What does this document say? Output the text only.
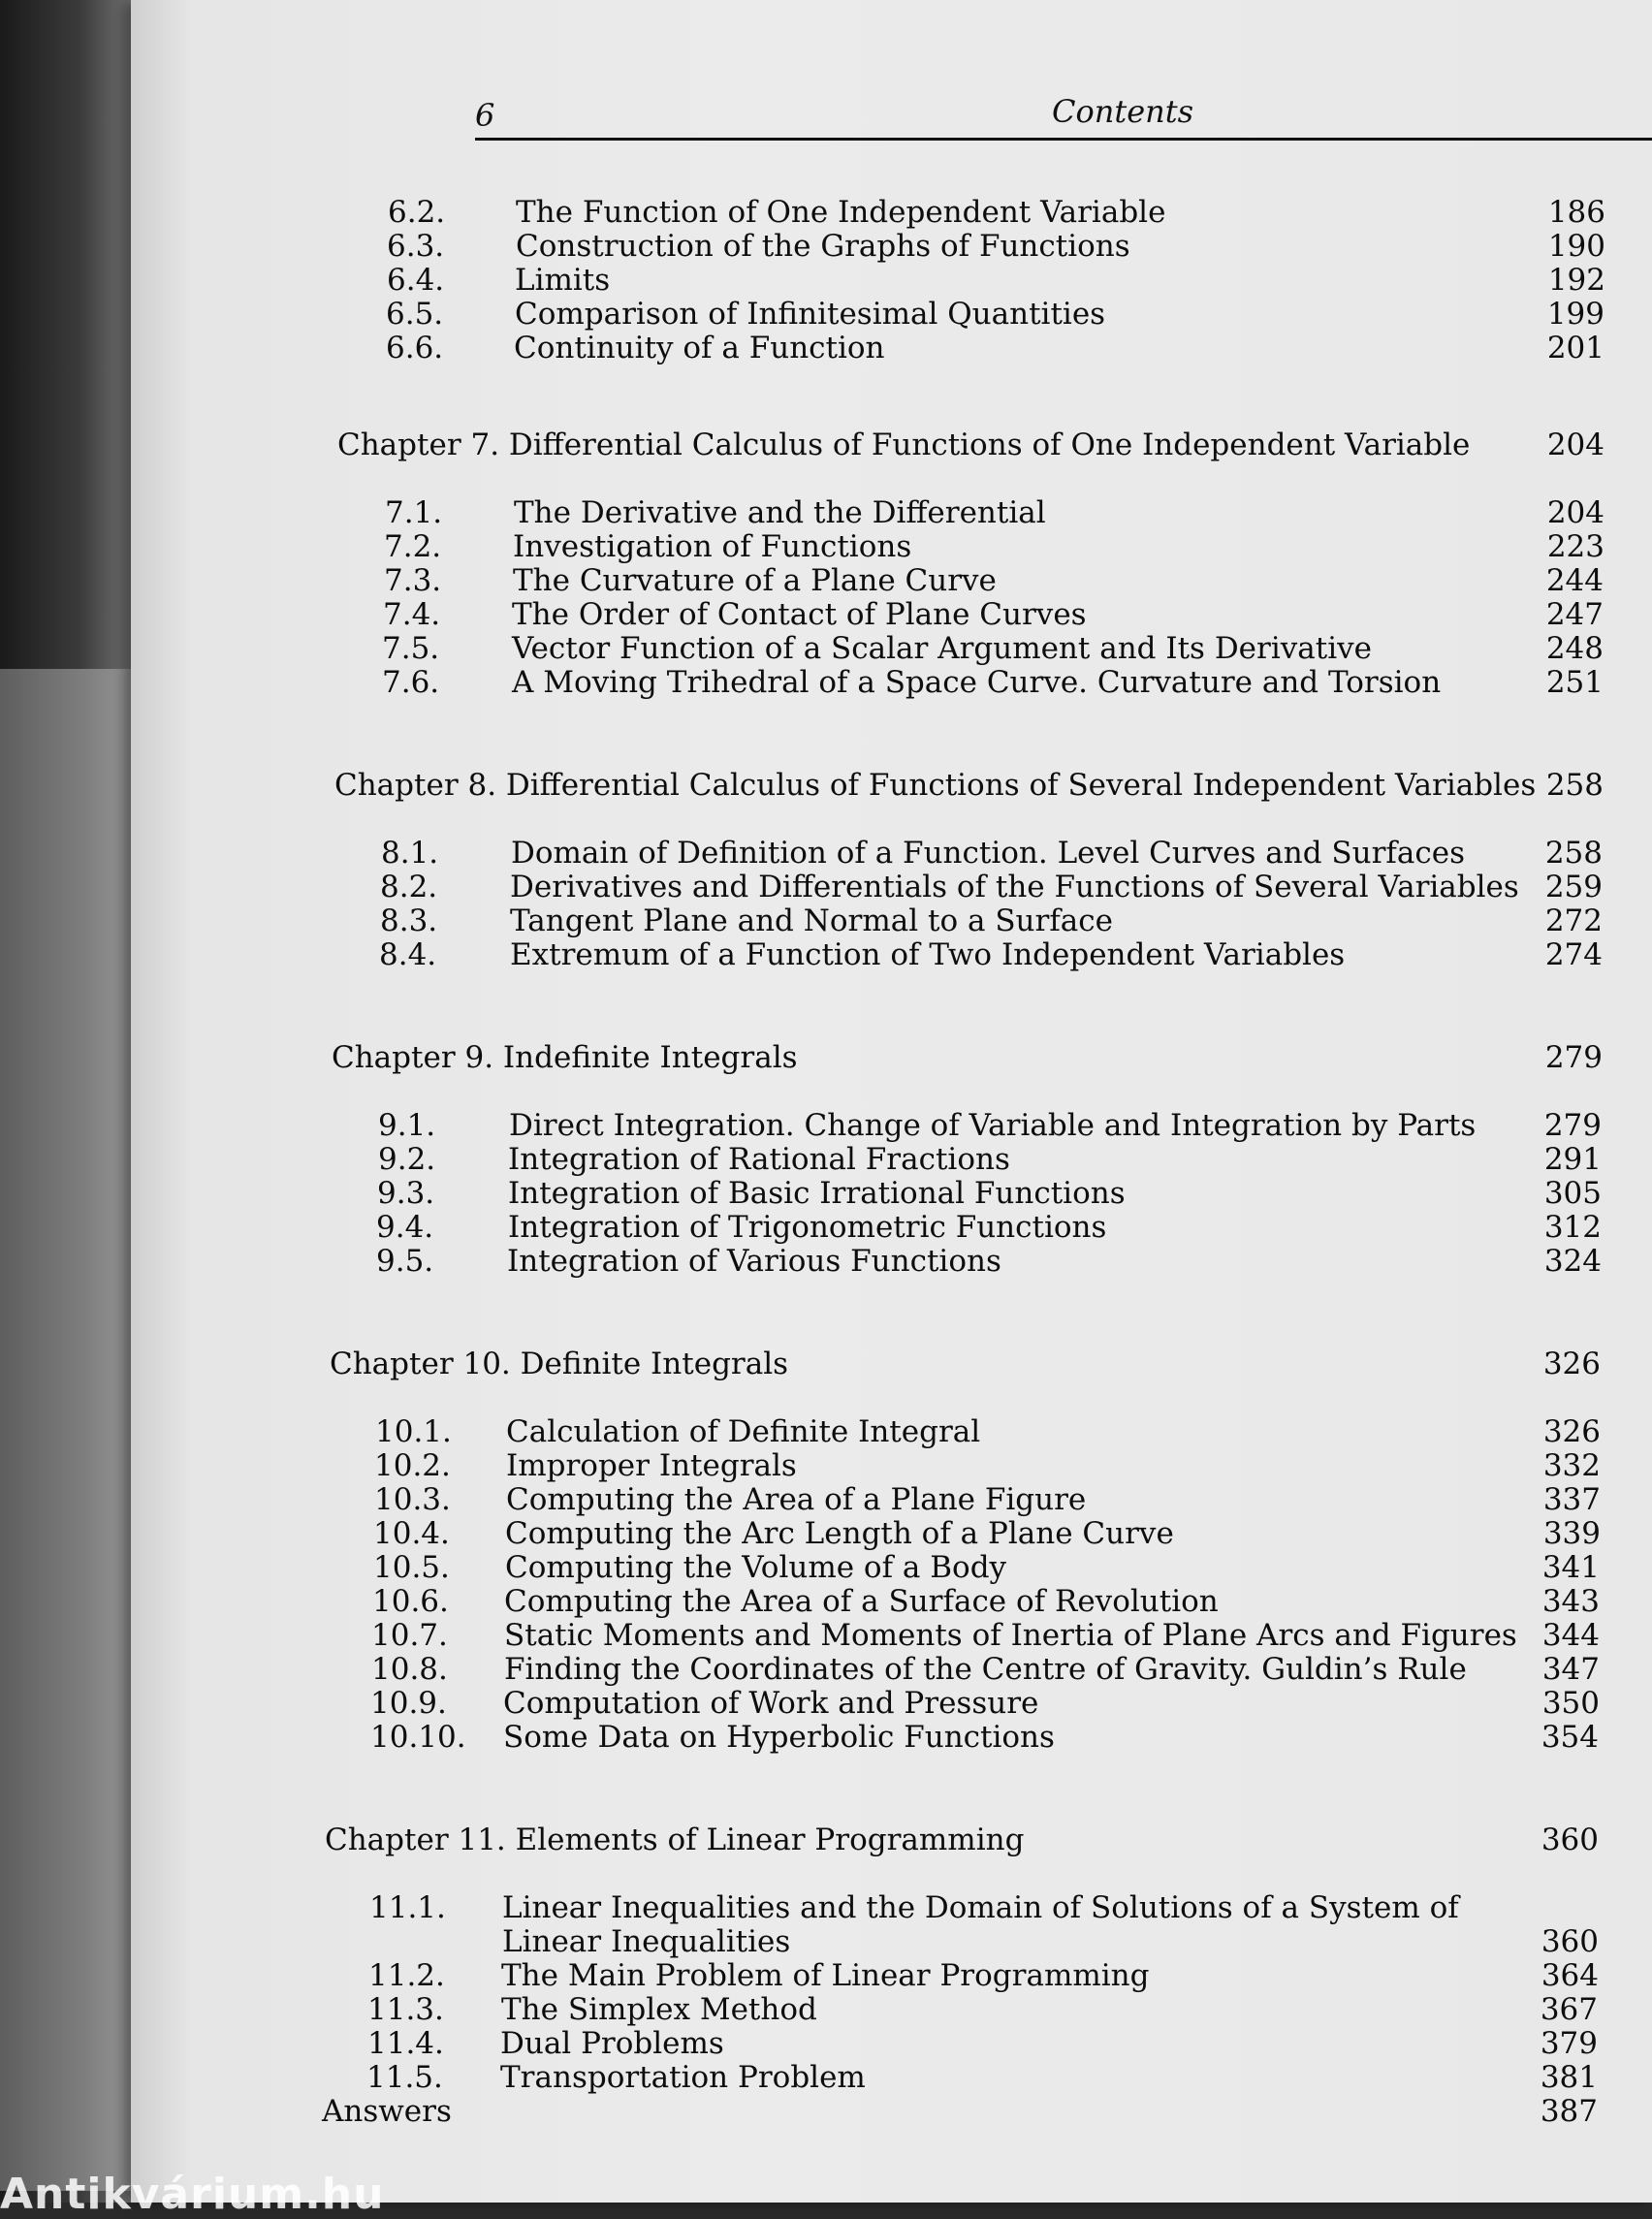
6	Contents
6.2. The Function of One Independent Variable	186
6.3. Construction of the Graphs of Functions	190
6.4. Limits	192
6.5. Comparison of Infinitesimal Quantities	199
6.6. Continuity of a Function	201
Chapter 7. Differential Calculus of Functions of One Independent Variable	204
7.1. The Derivative and the Differential	204
7.2. Investigation of Functions	223
7.3. The Curvature of a Plane Curve	244
7.4. The Order of Contact of Plane Curves	247
7.5. Vector Function of a Scalar Argument and Its Derivative	248
7.6. A Moving Trihedral of a Space Curve. Curvature and Torsion	251
Chapter 8. Differential Calculus of Functions of Several Independent Variables 258
8.1. Domain of Definition of a Function. Level Curves and Surfaces	258
8.2. Derivatives and Differentials of the Functions of Several Variables 259
8.3. Tangent Plane and Normal to a Surface	272
8.4. Extremum of a Function of Two Independent Variables	274
Chapter 9. Indefinite Integrals	279
9.1. Direct Integration. Change of Variable and Integration by Parts	279
9.2. Integration of Rational Fractions	291
9.3. Integration of Basic Irrational Functions	305
9.4. Integration of Trigonometric Functions	312
9.5. Integration of Various Functions	324
Chapter 10. Definite Integrals	326
10.1. Calculation of Definite Integral	326
10.2. Improper Integrals	332
10.3. Computing the Area of a Plane Figure	337
10.4. Computing the Arc Length of a Plane Curve	339
10.5. Computing the Volume of a Body	341
10.6. Computing the Area of a Surface of Revolution	343
10.7. Static Moments and Moments of Inertia of Plane Arcs and Figures 344
10.8. Finding the Coordinates of the Centre of Gravity. Guldin’s Rule	347
10.9. Computation of Work and Pressure	350
10.10. Some Data on Hyperbolic Functions	354
Chapter 11. Elements of Linear Programming	360
11.1. Linear Inequalities and the Domain of Solutions of a System of
Linear Inequalities	360
11.2. The Main Problem of Linear Programming	364
11.3. The Simplex Method	367
11.4. Dual Problems	379
11.5. Transportation Problem	381
Answers	387
Antikvárium.hu
